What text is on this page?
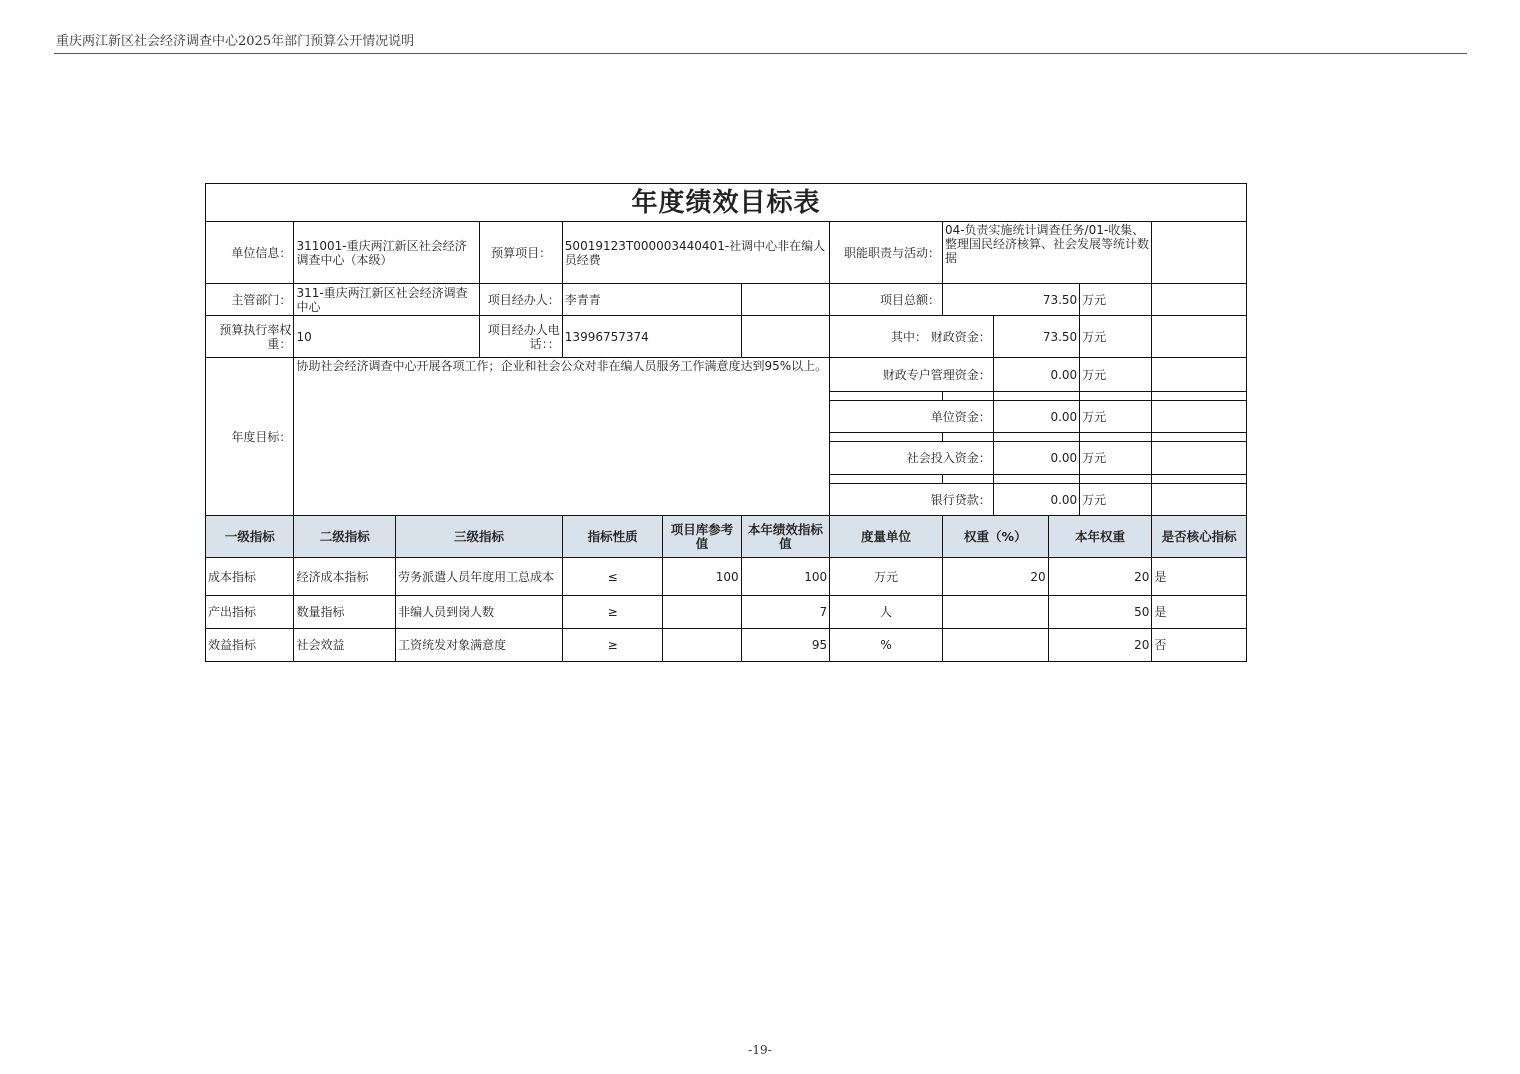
重庆两江新区社会经济调查中心2025年部门预算公开情况说明
年度绩效目标表												
单位信息：	311001-重庆两江新区社会经济调查中心（本级）		预算项目：	50019123T000003440401-社调中心非在编人员经费			职能职责与活动：	04-负责实施统计调查任务/01-收集、整理国民经济核算、社会发展等统计数据				
主管部门：	311-重庆两江新区社会经济调查中心		项目经办人：	李青青			项目总额：	73.50			万元	
预算执行率权重：	10		项目经办人电话：：	13996757374			其中： 财政资金：		73.50		万元	
年度目标：	协助社会经济调查中心开展各项工作；企业和社会公众对非在编人员服务工作满意度达到95%以上。						财政专户管理资金：		0.00		万元	

							单位资金：		0.00		万元	

							社会投入资金：		0.00		万元	

							银行贷款：		0.00		万元	
一级指标	二级指标	三级指标		指标性质	项目库参考值	本年绩效指标值	度量单位	权重（%）		本年权重		是否核心指标
成本指标	经济成本指标	劳务派遣人员年度用工总成本		≤	100	100	万元	20		20		是
产出指标	数量指标	非编人员到岗人数		≥		7	人			50		是
效益指标	社会效益	工资统发对象满意度		≥		95	%			20		否
-19-
